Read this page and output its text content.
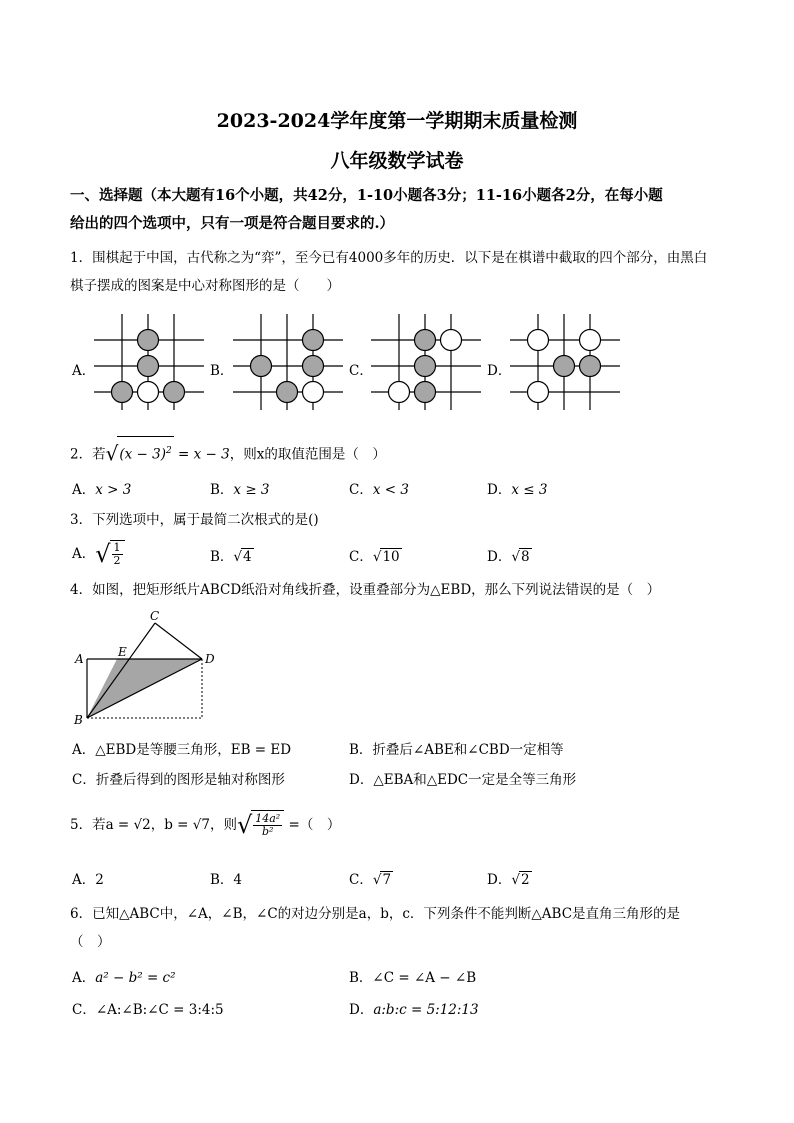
2023-2024学年度第一学期期末质量检测
八年级数学试卷
一、选择题（本大题有16个小题，共42分，1-10小题各3分；11-16小题各2分，在每小题
给出的四个选项中，只有一项是符合题目要求的.）
1．围棋起于中国，古代称之为“弈”，至今已有4000多年的历史．以下是在棋谱中截取的四个部分，由黑白
棋子摆成的图案是中心对称图形的是（　　）
A．	B．	C．	D．
2．若$√(x - 3)^2 = x - 3$，则x的取值范围是（　）
A．x > 3	B．x ≥ 3	C．x < 3	D．x ≤ 3
3．下列选项中，属于最简二次根式的是()
A．√ $\frac{1}{2}$	B．√4	C．√10	D．√8
4．如图，把矩形纸片ABCD纸沿对角线折叠，设重叠部分为△EBD，那么下列说法错误的是（　）
C
A	E	D
B
A．△EBD是等腰三角形，EB = ED	B．折叠后∠ABE和∠CBD一定相等
C．折叠后得到的图形是轴对称图形	D．△EBA和△EDC一定是全等三角形
5．若a = √2，b = √7，则√ $\frac{\text{14a²}}{\text{b²}}$ =（　）
A．2	B．4	C．√7	D．√2
6．已知△ABC中，∠A，∠B，∠C的对边分别是a，b，c．下列条件不能判断△ABC是直角三角形的是
（　）
A．a² − b² = c²	B．∠C = ∠A − ∠B
C．∠A:∠B:∠C = 3:4:5	D．a:b:c = 5:12:13
